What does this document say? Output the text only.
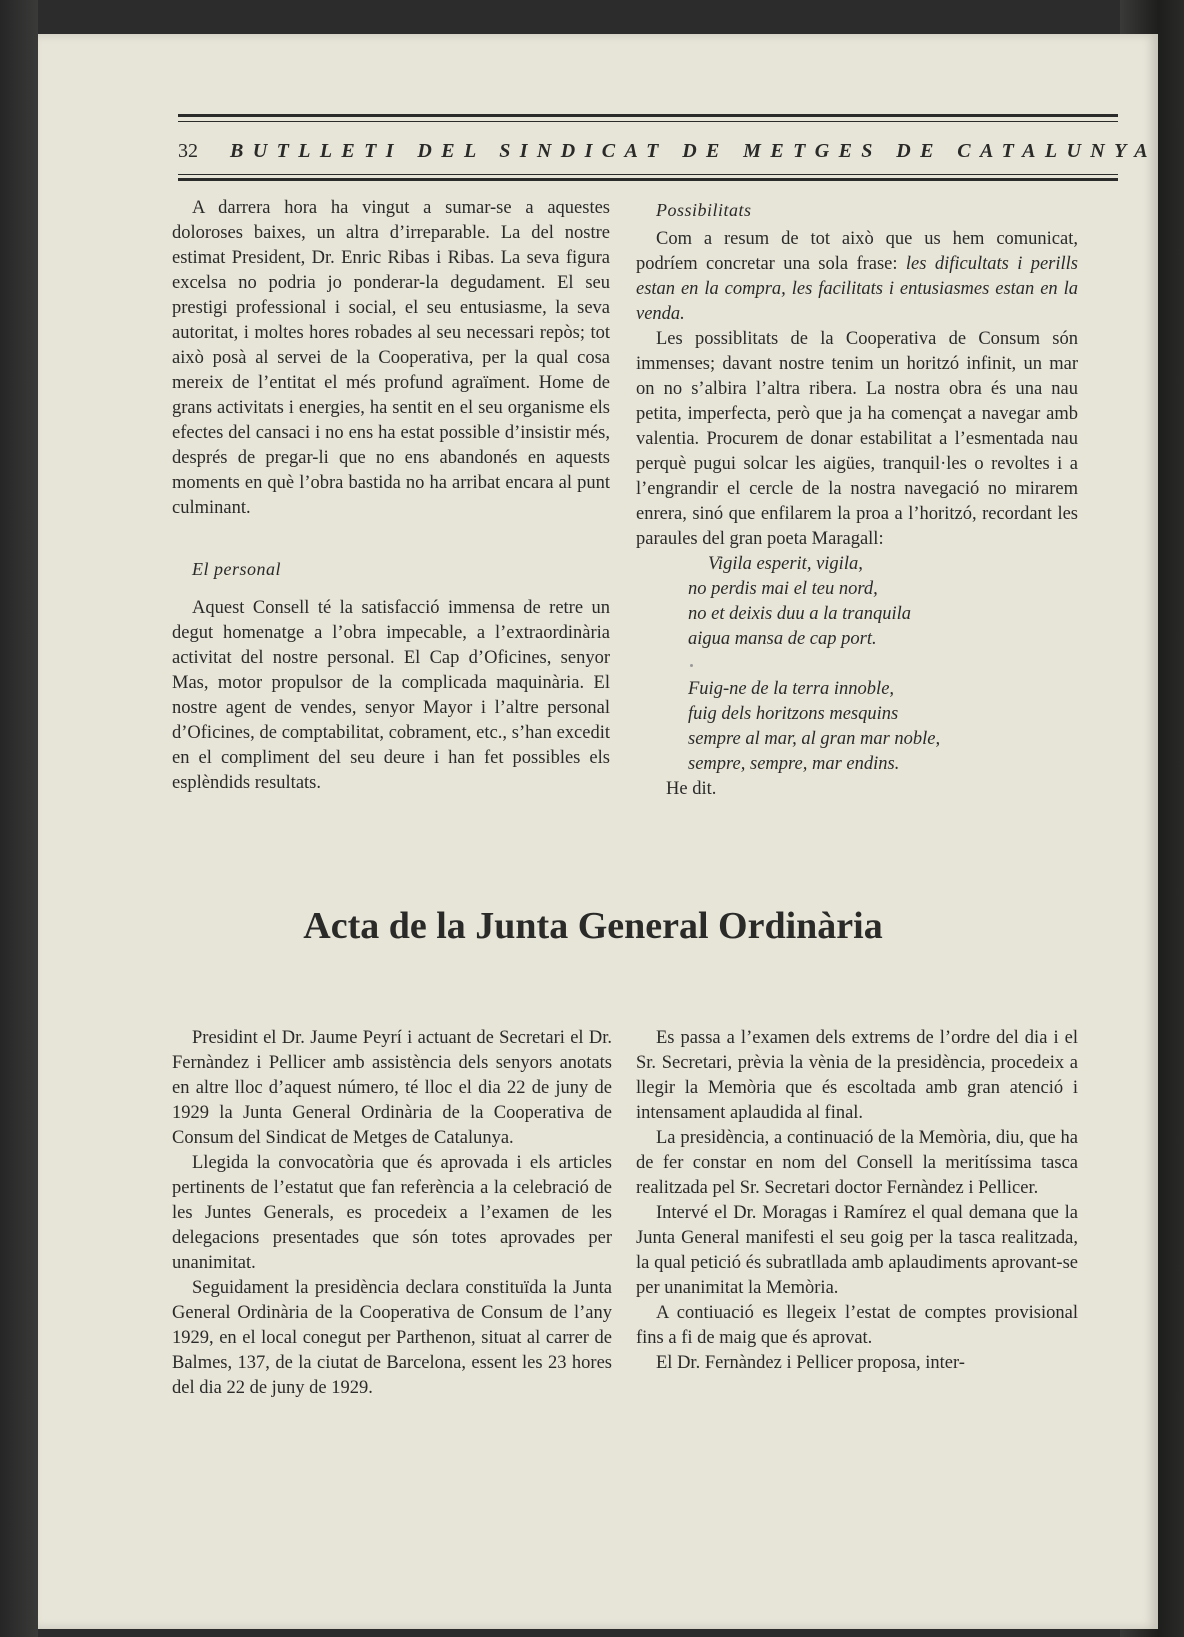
32 BUTLLETI DEL SINDICAT DE METGES DE CATALUNYA

A darrera hora ha vingut a sumar-se a aquestes doloroses baixes, un altra d’irreparable. La del nostre estimat President, Dr. Enric Ribas i Ribas. La seva figura excelsa no podria jo ponderar-la degudament. El seu prestigi professional i social, el seu entusiasme, la seva autoritat, i moltes hores robades al seu necessari repòs; tot això posà al servei de la Cooperativa, per la qual cosa mereix de l’entitat el més profund agraïment. Home de grans activitats i energies, ha sentit en el seu organisme els efectes del cansaci i no ens ha estat possible d’insistir més, després de pregar-li que no ens abandonés en aquests moments en què l’obra bastida no ha arribat encara al punt culminant.

El personal

Aquest Consell té la satisfacció immensa de retre un degut homenatge a l’obra impecable, a l’extraordinària activitat del nostre personal. El Cap d’Oficines, senyor Mas, motor propulsor de la complicada maquinària. El nostre agent de vendes, senyor Mayor i l’altre personal d’Oficines, de comptabilitat, cobrament, etc., s’han excedit en el compliment del seu deure i han fet possibles els esplèndids resultats.

Possibilitats

Com a resum de tot això que us hem comunicat, podríem concretar una sola frase: les dificultats i perills estan en la compra, les facilitats i entusiasmes estan en la venda.

Les possiblitats de la Cooperativa de Consum són immenses; davant nostre tenim un horitzó infinit, un mar on no s’albira l’altra ribera. La nostra obra és una nau petita, imperfecta, però que ja ha començat a navegar amb valentia. Procurem de donar estabilitat a l’esmentada nau perquè pugui solcar les aigües, tranquil·les o revoltes i a l’engrandir el cercle de la nostra navegació no mirarem enrera, sinó que enfilarem la proa a l’horitzó, recordant les paraules del gran poeta Maragall:

Vigila esperit, vigila,
no perdis mai el teu nord,
no et deixis duu a la tranquila
aigua mansa de cap port.
Fuig-ne de la terra innoble,
fuig dels horitzons mesquins
sempre al mar, al gran mar noble,
sempre, sempre, mar endins.

He dit.

Acta de la Junta General Ordinària

Presidint el Dr. Jaume Peyrí i actuant de Secretari el Dr. Fernàndez i Pellicer amb assistència dels senyors anotats en altre lloc d’aquest número, té lloc el dia 22 de juny de 1929 la Junta General Ordinària de la Cooperativa de Consum del Sindicat de Metges de Catalunya.

Llegida la convocatòria que és aprovada i els articles pertinents de l’estatut que fan referència a la celebració de les Juntes Generals, es procedeix a l’examen de les delegacions presentades que són totes aprovades per unanimitat.

Seguidament la presidència declara constituïda la Junta General Ordinària de la Cooperativa de Consum de l’any 1929, en el local conegut per Parthenon, situat al carrer de Balmes, 137, de la ciutat de Barcelona, essent les 23 hores del dia 22 de juny de 1929.

Es passa a l’examen dels extrems de l’ordre del dia i el Sr. Secretari, prèvia la vènia de la presidència, procedeix a llegir la Memòria que és escoltada amb gran atenció i intensament aplaudida al final.

La presidència, a continuació de la Memòria, diu, que ha de fer constar en nom del Consell la meritíssima tasca realitzada pel Sr. Secretari doctor Fernàndez i Pellicer.

Intervé el Dr. Moragas i Ramírez el qual demana que la Junta General manifesti el seu goig per la tasca realitzada, la qual petició és subratllada amb aplaudiments aprovant-se per unanimitat la Memòria.

A contiuació es llegeix l’estat de comptes provisional fins a fi de maig que és aprovat.

El Dr. Fernàndez i Pellicer proposa, inter-
